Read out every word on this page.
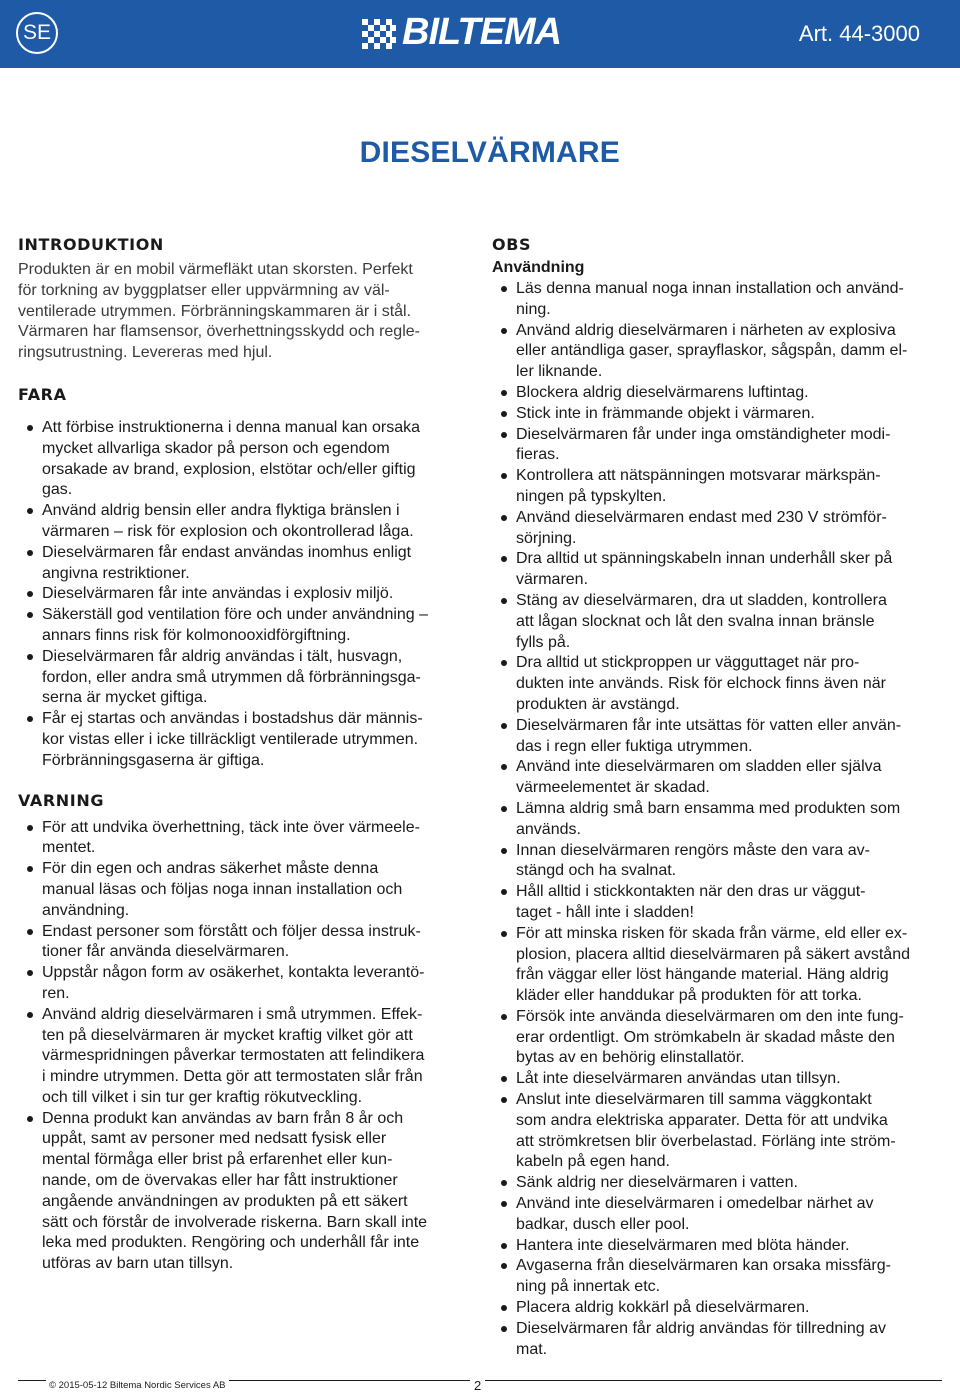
SE	BILTEMA	Art. 44-3000
DIESELVÄRMARE
INTRODUKTION

Produkten är en mobil värmefläkt utan skorsten. Perfekt
för torkning av byggplatser eller uppvärmning av väl-
ventilerade utrymmen. Förbränningskammaren är i stål.
Värmaren har flamsensor, överhettningsskydd och regle-
ringsutrustning. Levereras med hjul.

FARA
Att förbise instruktionerna i denna manual kan orsaka
mycket allvarliga skador på person och egendom
orsakade av brand, explosion, elstötar och/eller giftig
gas.
Använd aldrig bensin eller andra flyktiga bränslen i
värmaren – risk för explosion och okontrollerad låga.
Dieselvärmaren får endast användas inomhus enligt
angivna restriktioner.
Dieselvärmaren får inte användas i explosiv miljö.
Säkerställ god ventilation före och under användning –
annars finns risk för kolmonooxidförgiftning.
Dieselvärmaren får aldrig användas i tält, husvagn,
fordon, eller andra små utrymmen då förbränningsga-
serna är mycket giftiga.
Får ej startas och användas i bostadshus där männis-
kor vistas eller i icke tillräckligt ventilerade utrymmen.
Förbränningsgaserna är giftiga.
VARNING
För att undvika överhettning, täck inte över värmeele-
mentet.
För din egen och andras säkerhet måste denna
manual läsas och följas noga innan installation och
användning.
Endast personer som förstått och följer dessa instruk-
tioner får använda dieselvärmaren.
Uppstår någon form av osäkerhet, kontakta leverantö-
ren.
Använd aldrig dieselvärmaren i små utrymmen. Effek-
ten på dieselvärmaren är mycket kraftig vilket gör att
värmespridningen påverkar termostaten att felindikera
i mindre utrymmen. Detta gör att termostaten slår från
och till vilket i sin tur ger kraftig rökutveckling.
Denna produkt kan användas av barn från 8 år och
uppåt, samt av personer med nedsatt fysisk eller
mental förmåga eller brist på erfarenhet eller kun-
nande, om de övervakas eller har fått instruktioner
angående användningen av produkten på ett säkert
sätt och förstår de involverade riskerna. Barn skall inte
leka med produkten. Rengöring och underhåll får inte
utföras av barn utan tillsyn.
OBS
Användning
Läs denna manual noga innan installation och använd-
ning.
Använd aldrig dieselvärmaren i närheten av explosiva
eller antändliga gaser, sprayflaskor, sågspån, damm el-
ler liknande.
Blockera aldrig dieselvärmarens luftintag.
Stick inte in främmande objekt i värmaren.
Dieselvärmaren får under inga omständigheter modi-
fieras.
Kontrollera att nätspänningen motsvarar märkspän-
ningen på typskylten.
Använd dieselvärmaren endast med 230 V strömför-
sörjning.
Dra alltid ut spänningskabeln innan underhåll sker på
värmaren.
Stäng av dieselvärmaren, dra ut sladden, kontrollera
att lågan slocknat och låt den svalna innan bränsle
fylls på.
Dra alltid ut stickproppen ur vägguttaget när pro-
dukten inte används. Risk för elchock finns även när
produkten är avstängd.
Dieselvärmaren får inte utsättas för vatten eller använ-
das i regn eller fuktiga utrymmen.
Använd inte dieselvärmaren om sladden eller själva
värmeelementet är skadad.
Lämna aldrig små barn ensamma med produkten som
används.
Innan dieselvärmaren rengörs måste den vara av-
stängd och ha svalnat.
Håll alltid i stickkontakten när den dras ur väggut-
taget - håll inte i sladden!
För att minska risken för skada från värme, eld eller ex-
plosion, placera alltid dieselvärmaren på säkert avstånd
från väggar eller löst hängande material. Häng aldrig
kläder eller handdukar på produkten för att torka.
Försök inte använda dieselvärmaren om den inte fung-
erar ordentligt. Om strömkabeln är skadad måste den
bytas av en behörig elinstallatör.
Låt inte dieselvärmaren användas utan tillsyn.
Anslut inte dieselvärmaren till samma väggkontakt
som andra elektriska apparater. Detta för att undvika
att strömkretsen blir överbelastad. Förläng inte ström-
kabeln på egen hand.
Sänk aldrig ner dieselvärmaren i vatten.
Använd inte dieselvärmaren i omedelbar närhet av
badkar, dusch eller pool.
Hantera inte dieselvärmaren med blöta händer.
Avgaserna från dieselvärmaren kan orsaka missfärg-
ning på innertak etc.
Placera aldrig kokkärl på dieselvärmaren.
Dieselvärmaren får aldrig användas för tillredning av
mat.
© 2015-05-12 Biltema Nordic Services AB	2
